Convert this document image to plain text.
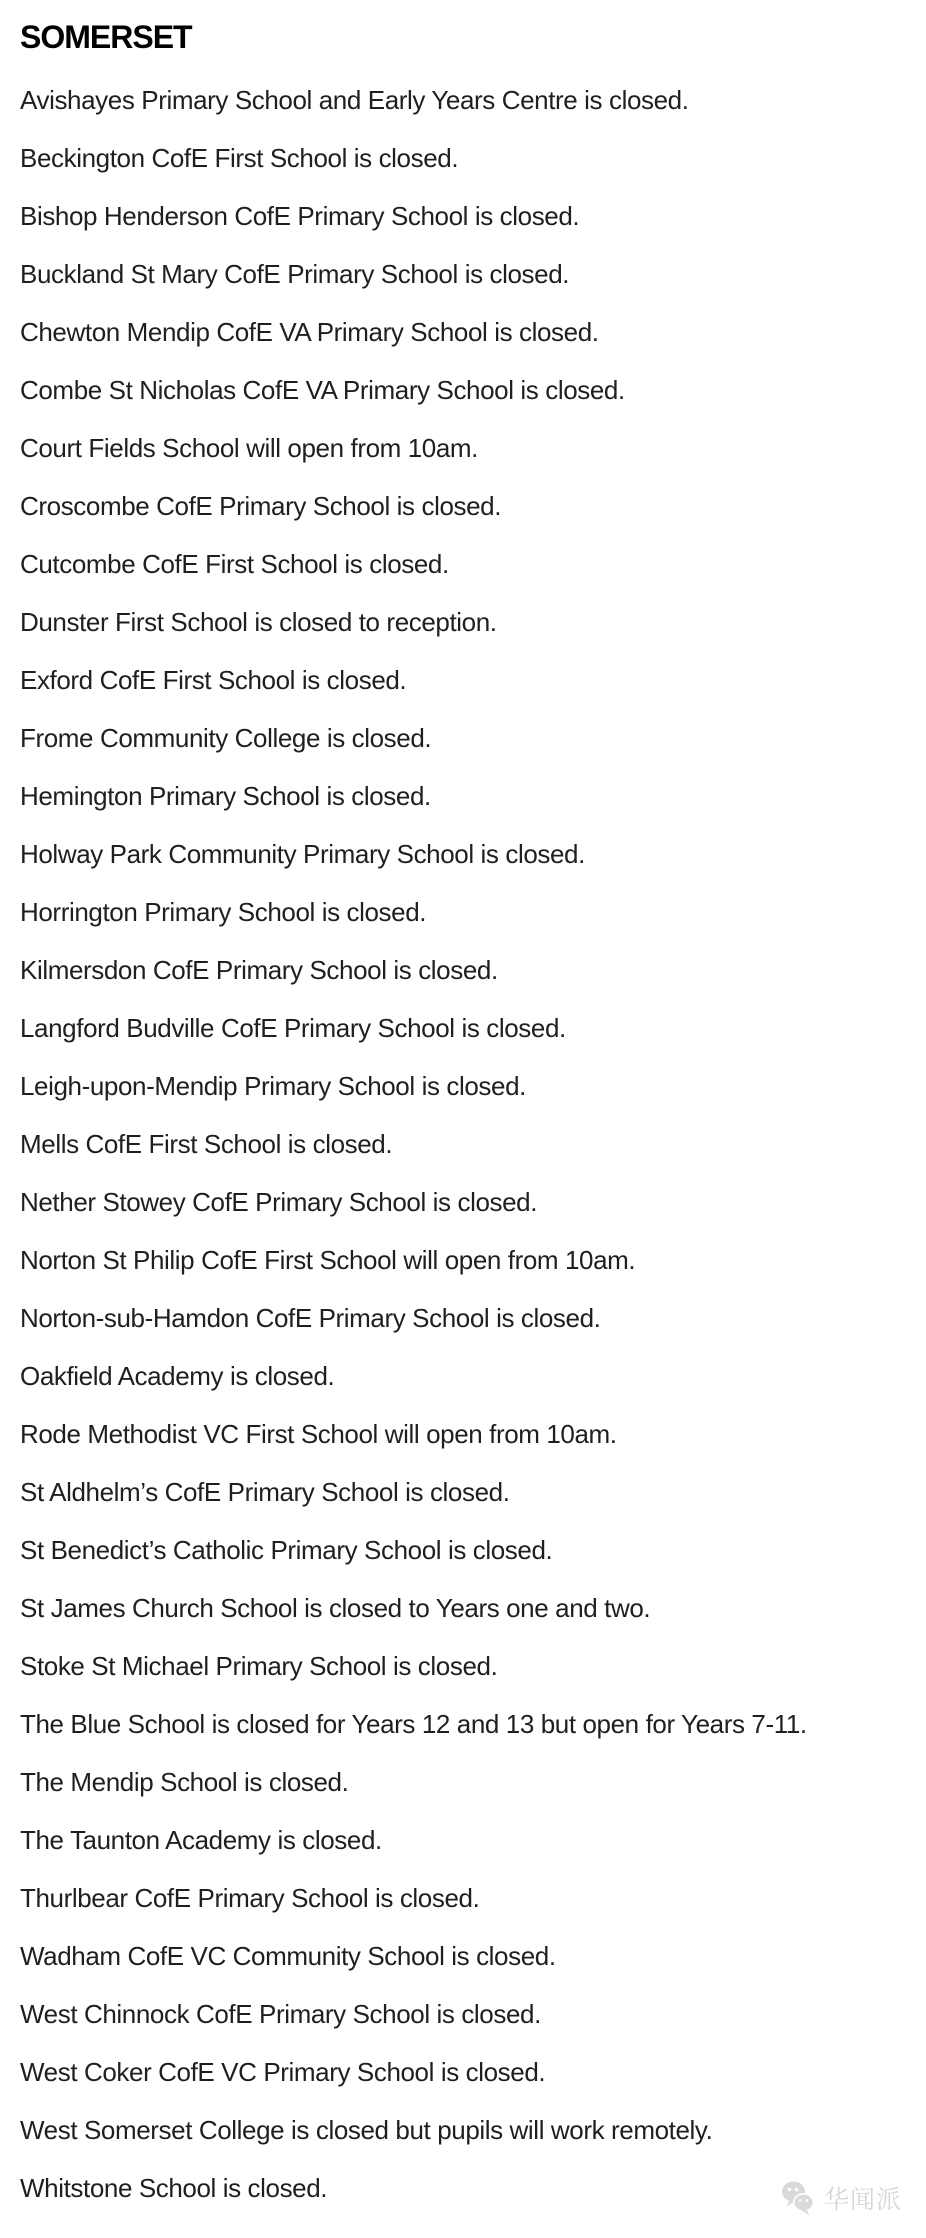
SOMERSET

Avishayes Primary School and Early Years Centre is closed.

Beckington CofE First School is closed.

Bishop Henderson CofE Primary School is closed.

Buckland St Mary CofE Primary School is closed.

Chewton Mendip CofE VA Primary School is closed.

Combe St Nicholas CofE VA Primary School is closed.

Court Fields School will open from 10am.

Croscombe CofE Primary School is closed.

Cutcombe CofE First School is closed.

Dunster First School is closed to reception.

Exford CofE First School is closed.

Frome Community College is closed.

Hemington Primary School is closed.

Holway Park Community Primary School is closed.

Horrington Primary School is closed.

Kilmersdon CofE Primary School is closed.

Langford Budville CofE Primary School is closed.

Leigh-upon-Mendip Primary School is closed.

Mells CofE First School is closed.

Nether Stowey CofE Primary School is closed.

Norton St Philip CofE First School will open from 10am.

Norton-sub-Hamdon CofE Primary School is closed.

Oakfield Academy is closed.

Rode Methodist VC First School will open from 10am.

St Aldhelm’s CofE Primary School is closed.

St Benedict’s Catholic Primary School is closed.

St James Church School is closed to Years one and two.

Stoke St Michael Primary School is closed.

The Blue School is closed for Years 12 and 13 but open for Years 7-11.

The Mendip School is closed.

The Taunton Academy is closed.

Thurlbear CofE Primary School is closed.

Wadham CofE VC Community School is closed.

West Chinnock CofE Primary School is closed.

West Coker CofE VC Primary School is closed.

West Somerset College is closed but pupils will work remotely.

Whitstone School is closed.	华闻派
